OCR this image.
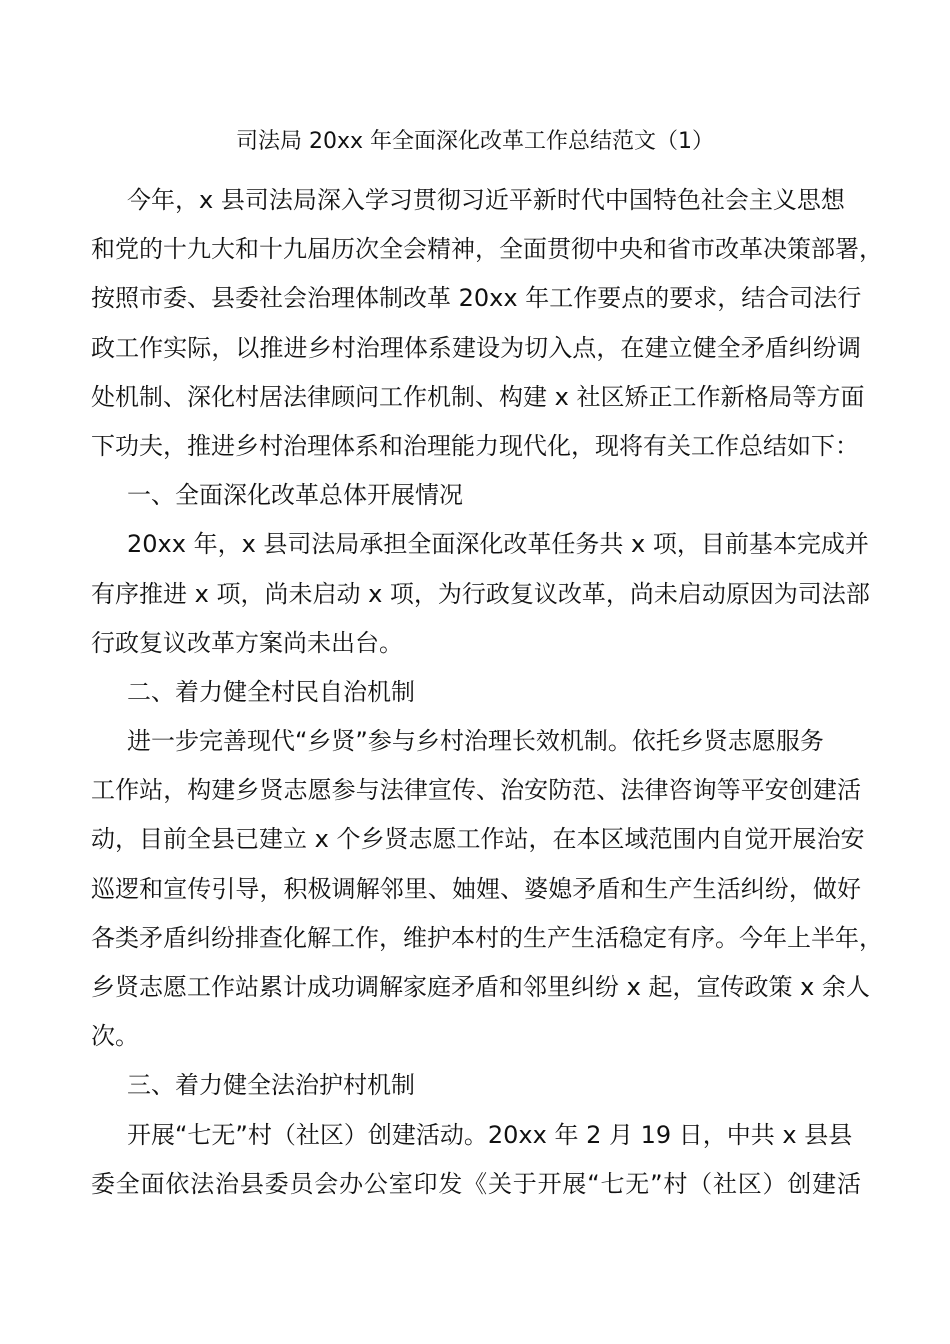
司法局 20xx 年全面深化改革工作总结范文（1）
今年，x 县司法局深入学习贯彻习近平新时代中国特色社会主义思想
和党的十九大和十九届历次全会精神，全面贯彻中央和省市改革决策部署，
按照市委、县委社会治理体制改革 20xx 年工作要点的要求，结合司法行
政工作实际，以推进乡村治理体系建设为切入点，在建立健全矛盾纠纷调
处机制、深化村居法律顾问工作机制、构建 x 社区矫正工作新格局等方面
下功夫，推进乡村治理体系和治理能力现代化，现将有关工作总结如下：
一、全面深化改革总体开展情况
20xx 年，x 县司法局承担全面深化改革任务共 x 项，目前基本完成并
有序推进 x 项，尚未启动 x 项，为行政复议改革，尚未启动原因为司法部
行政复议改革方案尚未出台。
二、着力健全村民自治机制
进一步完善现代“乡贤”参与乡村治理长效机制。依托乡贤志愿服务
工作站，构建乡贤志愿参与法律宣传、治安防范、法律咨询等平安创建活
动，目前全县已建立 x 个乡贤志愿工作站，在本区域范围内自觉开展治安
巡逻和宣传引导，积极调解邻里、妯娌、婆媳矛盾和生产生活纠纷，做好
各类矛盾纠纷排查化解工作，维护本村的生产生活稳定有序。今年上半年，
乡贤志愿工作站累计成功调解家庭矛盾和邻里纠纷 x 起，宣传政策 x 余人
次。
三、着力健全法治护村机制
开展“七无”村（社区）创建活动。20xx 年 2 月 19 日，中共 x 县县
委全面依法治县委员会办公室印发《关于开展“七无”村（社区）创建活
